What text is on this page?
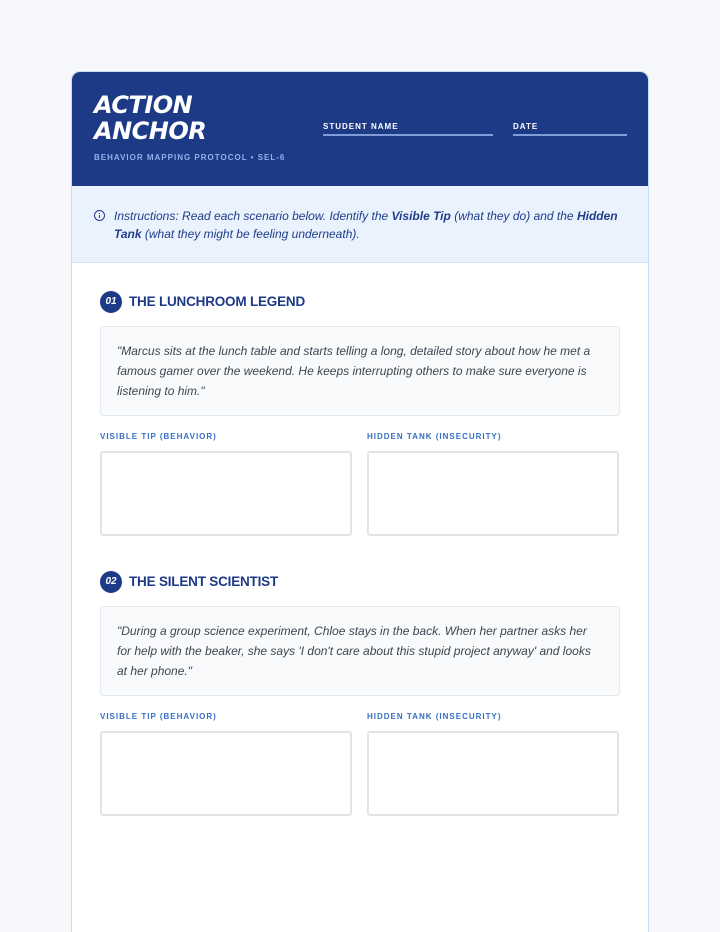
ACTION
ANCHOR
BEHAVIOR MAPPING PROTOCOL • SEL-6
STUDENT NAME	DATE
Instructions: Read each scenario below. Identify the Visible Tip (what they do) and the Hidden Tank (what they might be feeling underneath).
01 THE LUNCHROOM LEGEND
"Marcus sits at the lunch table and starts telling a long, detailed story about how he met a famous gamer over the weekend. He keeps interrupting others to make sure everyone is listening to him."
VISIBLE TIP (BEHAVIOR)	HIDDEN TANK (INSECURITY)
02 THE SILENT SCIENTIST
"During a group science experiment, Chloe stays in the back. When her partner asks her for help with the beaker, she says 'I don't care about this stupid project anyway' and looks at her phone."
VISIBLE TIP (BEHAVIOR)	HIDDEN TANK (INSECURITY)
